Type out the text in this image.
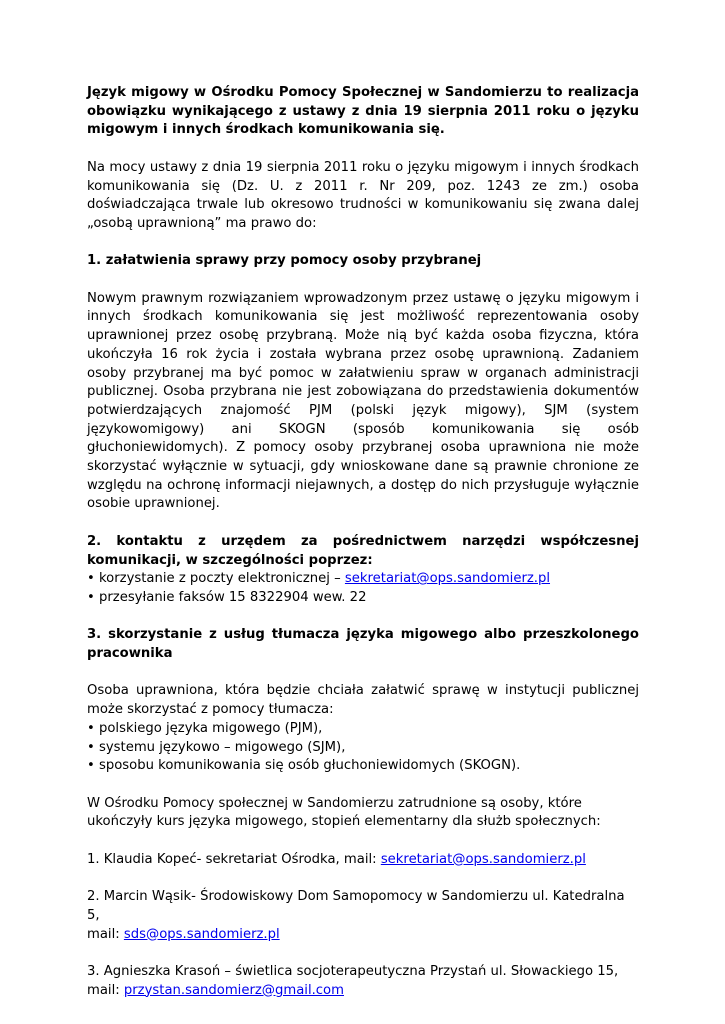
Język migowy w Ośrodku Pomocy Społecznej w Sandomierzu to realizacja obowiązku wynikającego z ustawy z dnia 19 sierpnia 2011 roku o języku migowym i innych środkach komunikowania się.

Na mocy ustawy z dnia 19 sierpnia 2011 roku o języku migowym i innych środkach komunikowania się (Dz. U. z 2011 r. Nr 209, poz. 1243 ze zm.) osoba doświadczająca trwale lub okresowo trudności w komunikowaniu się zwana dalej „osobą uprawnioną” ma prawo do:

1. załatwienia sprawy przy pomocy osoby przybranej

Nowym prawnym rozwiązaniem wprowadzonym przez ustawę o języku migowym i innych środkach komunikowania się jest możliwość reprezentowania osoby uprawnionej przez osobę przybraną. Może nią być każda osoba fizyczna, która ukończyła 16 rok życia i została wybrana przez osobę uprawnioną. Zadaniem osoby przybranej ma być pomoc w załatwieniu spraw w organach administracji publicznej. Osoba przybrana nie jest zobowiązana do przedstawienia dokumentów potwierdzających znajomość PJM (polski język migowy), SJM (system językowomigowy) ani SKOGN (sposób komunikowania się osób głuchoniewidomych). Z pomocy osoby przybranej osoba uprawniona nie może skorzystać wyłącznie w sytuacji, gdy wnioskowane dane są prawnie chronione ze względu na ochronę informacji niejawnych, a dostęp do nich przysługuje wyłącznie osobie uprawnionej.

2. kontaktu z urzędem za pośrednictwem narzędzi współczesnej komunikacji, w szczególności poprzez:

• korzystanie z poczty elektronicznej – sekretariat@ops.sandomierz.pl
• przesyłanie faksów 15 8322904 wew. 22

3. skorzystanie z usług tłumacza języka migowego albo przeszkolonego pracownika

Osoba uprawniona, która będzie chciała załatwić sprawę w instytucji publicznej może skorzystać z pomocy tłumacza:

• polskiego języka migowego (PJM),
• systemu językowo – migowego (SJM),
• sposobu komunikowania się osób głuchoniewidomych (SKOGN).

W Ośrodku Pomocy społecznej w Sandomierzu zatrudnione są osoby, które ukończyły kurs języka migowego, stopień elementarny dla służb społecznych:

1. Klaudia Kopeć- sekretariat Ośrodka, mail: sekretariat@ops.sandomierz.pl

2. Marcin Wąsik- Środowiskowy Dom Samopomocy w Sandomierzu ul. Katedralna 5,
mail: sds@ops.sandomierz.pl

3. Agnieszka Krasoń – świetlica socjoterapeutyczna Przystań ul. Słowackiego 15,
mail: przystan.sandomierz@gmail.com
